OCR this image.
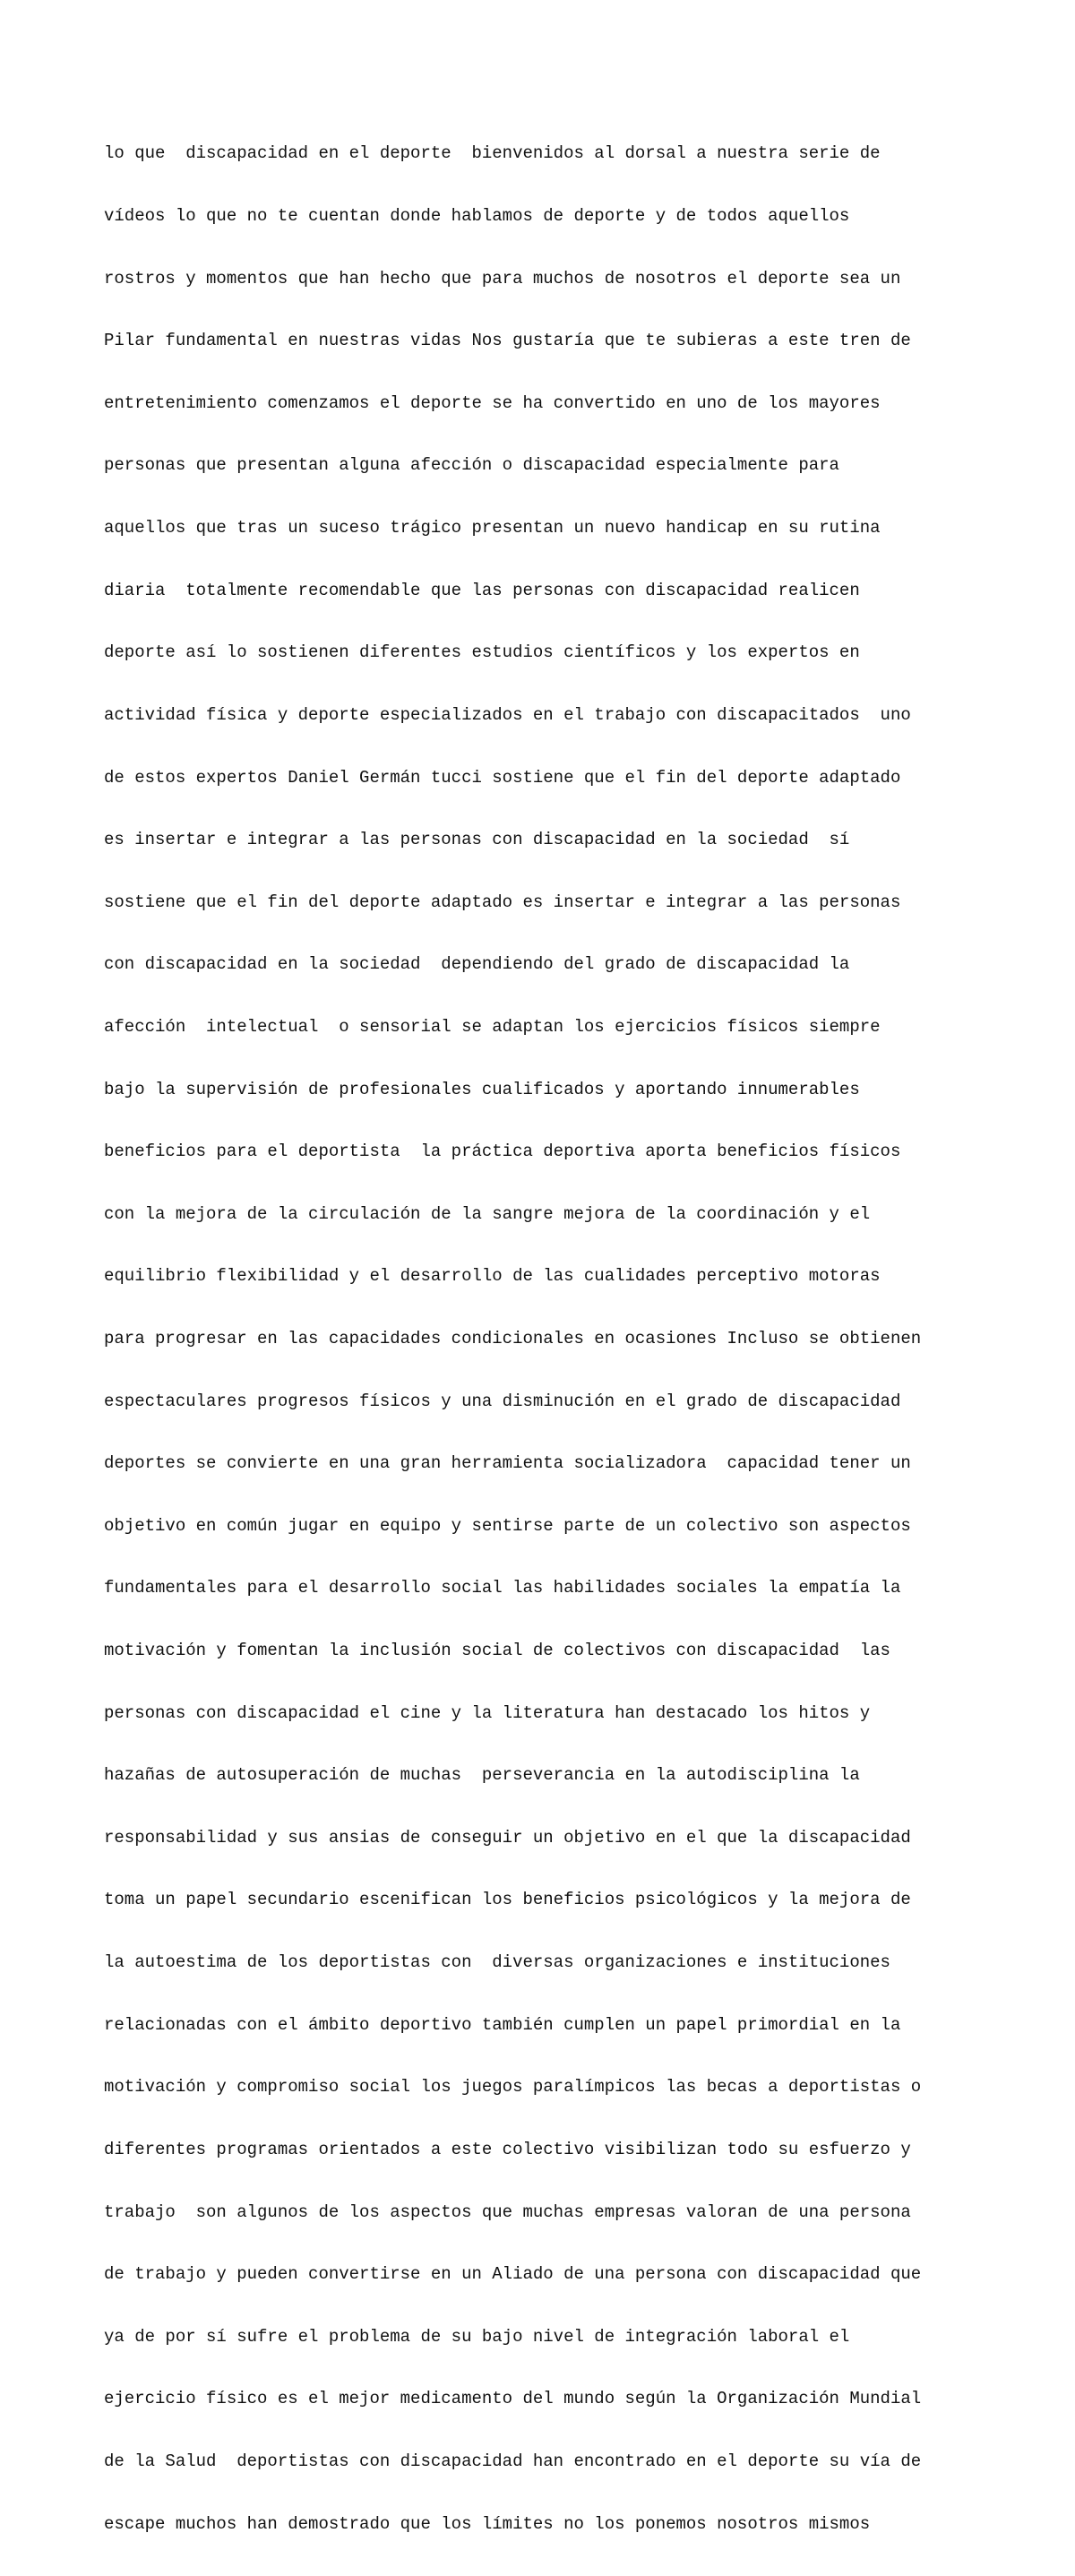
lo que  discapacidad en el deporte  bienvenidos al dorsal a nuestra serie de

vídeos lo que no te cuentan donde hablamos de deporte y de todos aquellos

rostros y momentos que han hecho que para muchos de nosotros el deporte sea un

Pilar fundamental en nuestras vidas Nos gustaría que te subieras a este tren de

entretenimiento comenzamos el deporte se ha convertido en uno de los mayores

personas que presentan alguna afección o discapacidad especialmente para

aquellos que tras un suceso trágico presentan un nuevo handicap en su rutina

diaria  totalmente recomendable que las personas con discapacidad realicen

deporte así lo sostienen diferentes estudios científicos y los expertos en

actividad física y deporte especializados en el trabajo con discapacitados  uno

de estos expertos Daniel Germán tucci sostiene que el fin del deporte adaptado

es insertar e integrar a las personas con discapacidad en la sociedad  sí

sostiene que el fin del deporte adaptado es insertar e integrar a las personas

con discapacidad en la sociedad  dependiendo del grado de discapacidad la

afección  intelectual  o sensorial se adaptan los ejercicios físicos siempre

bajo la supervisión de profesionales cualificados y aportando innumerables

beneficios para el deportista  la práctica deportiva aporta beneficios físicos

con la mejora de la circulación de la sangre mejora de la coordinación y el

equilibrio flexibilidad y el desarrollo de las cualidades perceptivo motoras

para progresar en las capacidades condicionales en ocasiones Incluso se obtienen

espectaculares progresos físicos y una disminución en el grado de discapacidad

deportes se convierte en una gran herramienta socializadora  capacidad tener un

objetivo en común jugar en equipo y sentirse parte de un colectivo son aspectos

fundamentales para el desarrollo social las habilidades sociales la empatía la

motivación y fomentan la inclusión social de colectivos con discapacidad  las

personas con discapacidad el cine y la literatura han destacado los hitos y

hazañas de autosuperación de muchas  perseverancia en la autodisciplina la

responsabilidad y sus ansias de conseguir un objetivo en el que la discapacidad

toma un papel secundario escenifican los beneficios psicológicos y la mejora de

la autoestima de los deportistas con  diversas organizaciones e instituciones

relacionadas con el ámbito deportivo también cumplen un papel primordial en la

motivación y compromiso social los juegos paralímpicos las becas a deportistas o

diferentes programas orientados a este colectivo visibilizan todo su esfuerzo y

trabajo  son algunos de los aspectos que muchas empresas valoran de una persona

de trabajo y pueden convertirse en un Aliado de una persona con discapacidad que

ya de por sí sufre el problema de su bajo nivel de integración laboral el

ejercicio físico es el mejor medicamento del mundo según la Organización Mundial

de la Salud  deportistas con discapacidad han encontrado en el deporte su vía de

escape muchos han demostrado que los límites no los ponemos nosotros mismos
